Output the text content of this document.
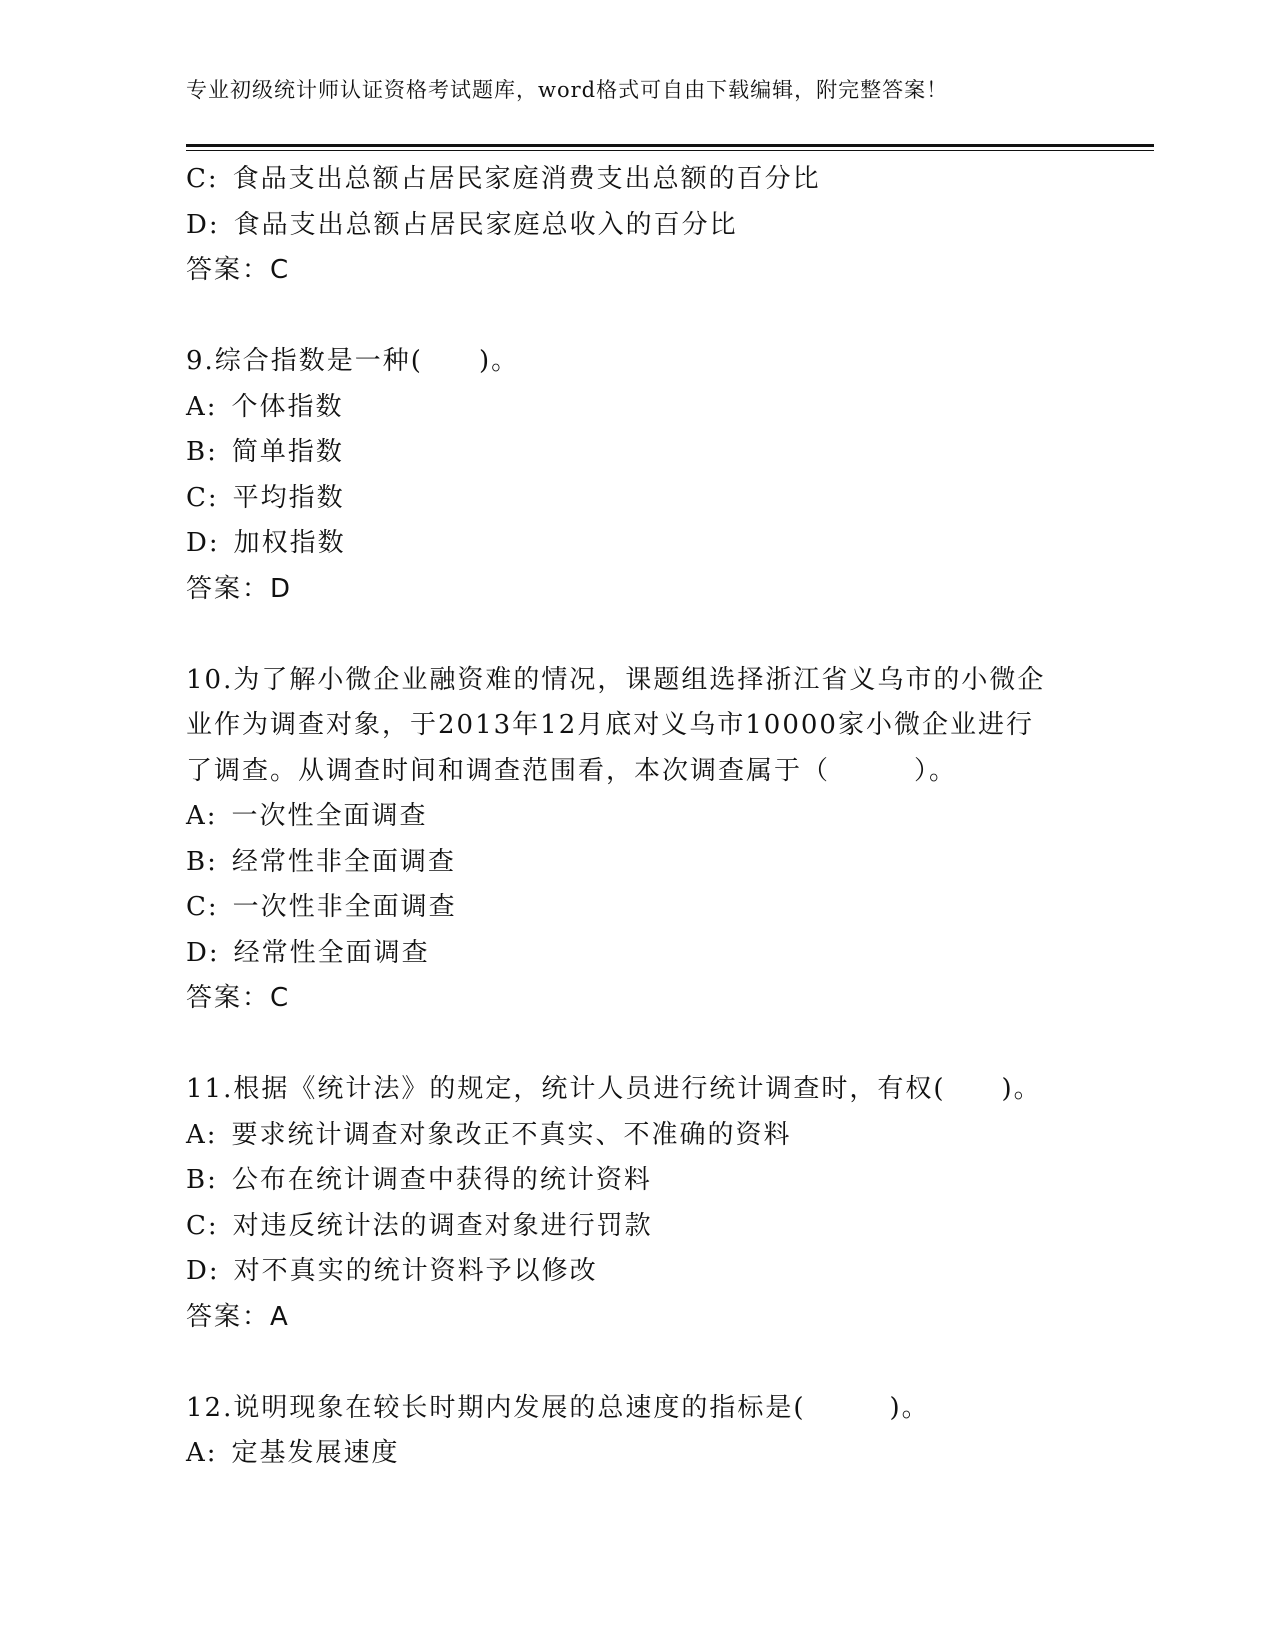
专业初级统计师认证资格考试题库，word格式可自由下载编辑，附完整答案！
C: 食品支出总额占居民家庭消费支出总额的百分比
D: 食品支出总额占居民家庭总收入的百分比
答案：C
9.综合指数是一种(　　)。
A: 个体指数
B: 简单指数
C: 平均指数
D: 加权指数
答案：D
10.为了解小微企业融资难的情况，课题组选择浙江省义乌市的小微企
业作为调查对象，于2013年12月底对义乌市10000家小微企业进行
了调查。从调查时间和调查范围看，本次调查属于（　　　）。
A: 一次性全面调查
B: 经常性非全面调查
C: 一次性非全面调查
D: 经常性全面调查
答案：C
11.根据《统计法》的规定，统计人员进行统计调查时，有权(　　)。
A: 要求统计调查对象改正不真实、不准确的资料
B: 公布在统计调查中获得的统计资料
C: 对违反统计法的调查对象进行罚款
D: 对不真实的统计资料予以修改
答案：A
12.说明现象在较长时期内发展的总速度的指标是(　　　)。
A: 定基发展速度
